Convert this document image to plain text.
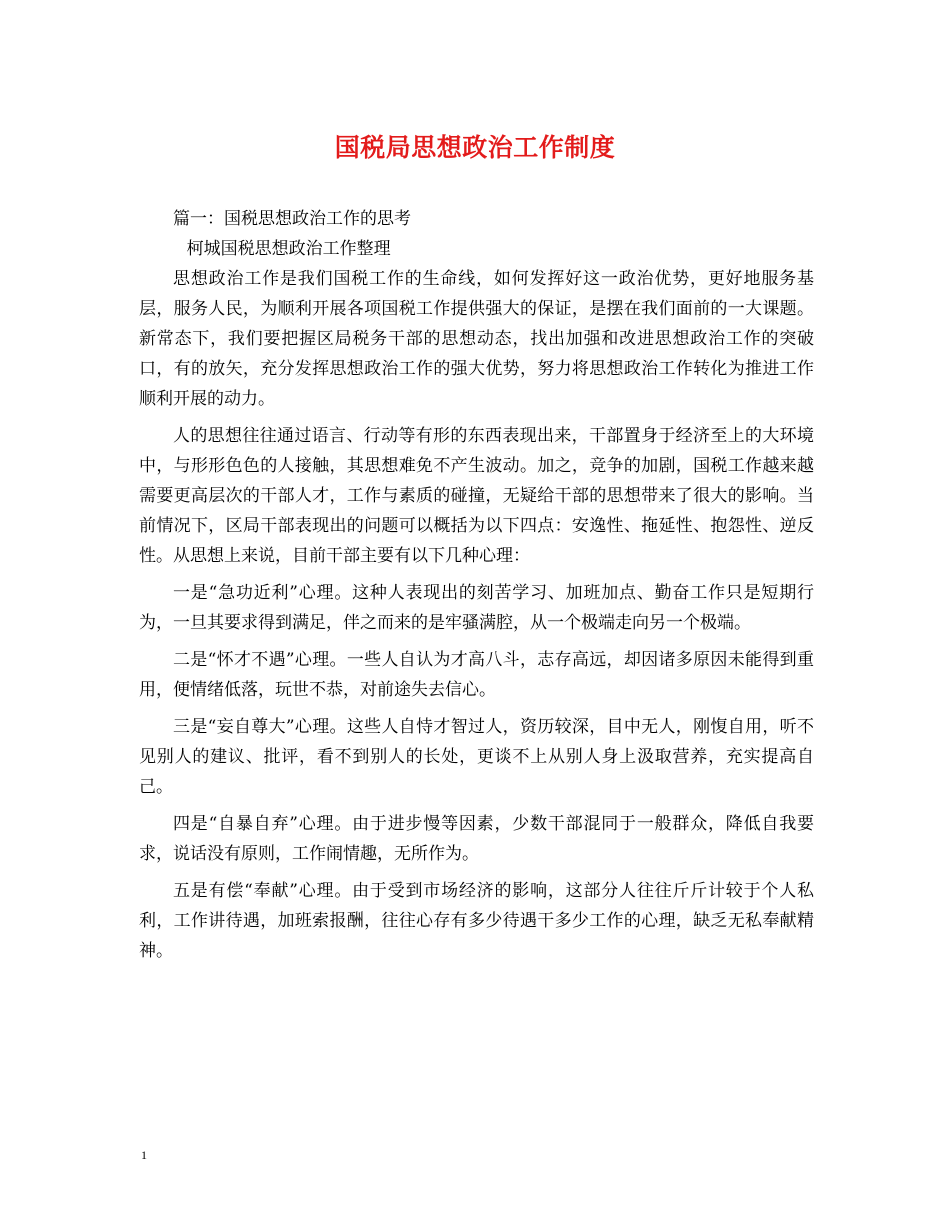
国税局思想政治工作制度

篇一：国税思想政治工作的思考

柯城国税思想政治工作整理

思想政治工作是我们国税工作的生命线，如何发挥好这一政治优势，更好地服务基层，服务人民，为顺利开展各项国税工作提供强大的保证，是摆在我们面前的一大课题。新常态下，我们要把握区局税务干部的思想动态，找出加强和改进思想政治工作的突破口，有的放矢，充分发挥思想政治工作的强大优势，努力将思想政治工作转化为推进工作顺利开展的动力。

人的思想往往通过语言、行动等有形的东西表现出来，干部置身于经济至上的大环境中，与形形色色的人接触，其思想难免不产生波动。加之，竞争的加剧，国税工作越来越需要更高层次的干部人才，工作与素质的碰撞，无疑给干部的思想带来了很大的影响。当前情况下，区局干部表现出的问题可以概括为以下四点：安逸性、拖延性、抱怨性、逆反性。从思想上来说，目前干部主要有以下几种心理：

一是“急功近利”心理。这种人表现出的刻苦学习、加班加点、勤奋工作只是短期行为，一旦其要求得到满足，伴之而来的是牢骚满腔，从一个极端走向另一个极端。

二是“怀才不遇”心理。一些人自认为才高八斗，志存高远，却因诸多原因未能得到重用，便情绪低落，玩世不恭，对前途失去信心。

三是“妄自尊大”心理。这些人自恃才智过人，资历较深，目中无人，刚愎自用，听不见别人的建议、批评，看不到别人的长处，更谈不上从别人身上汲取营养，充实提高自己。

四是“自暴自弃”心理。由于进步慢等因素，少数干部混同于一般群众，降低自我要求，说话没有原则，工作闹情趣，无所作为。

五是有偿“奉献”心理。由于受到市场经济的影响，这部分人往往斤斤计较于个人私利，工作讲待遇，加班索报酬，往往心存有多少待遇干多少工作的心理，缺乏无私奉献精神。

1
